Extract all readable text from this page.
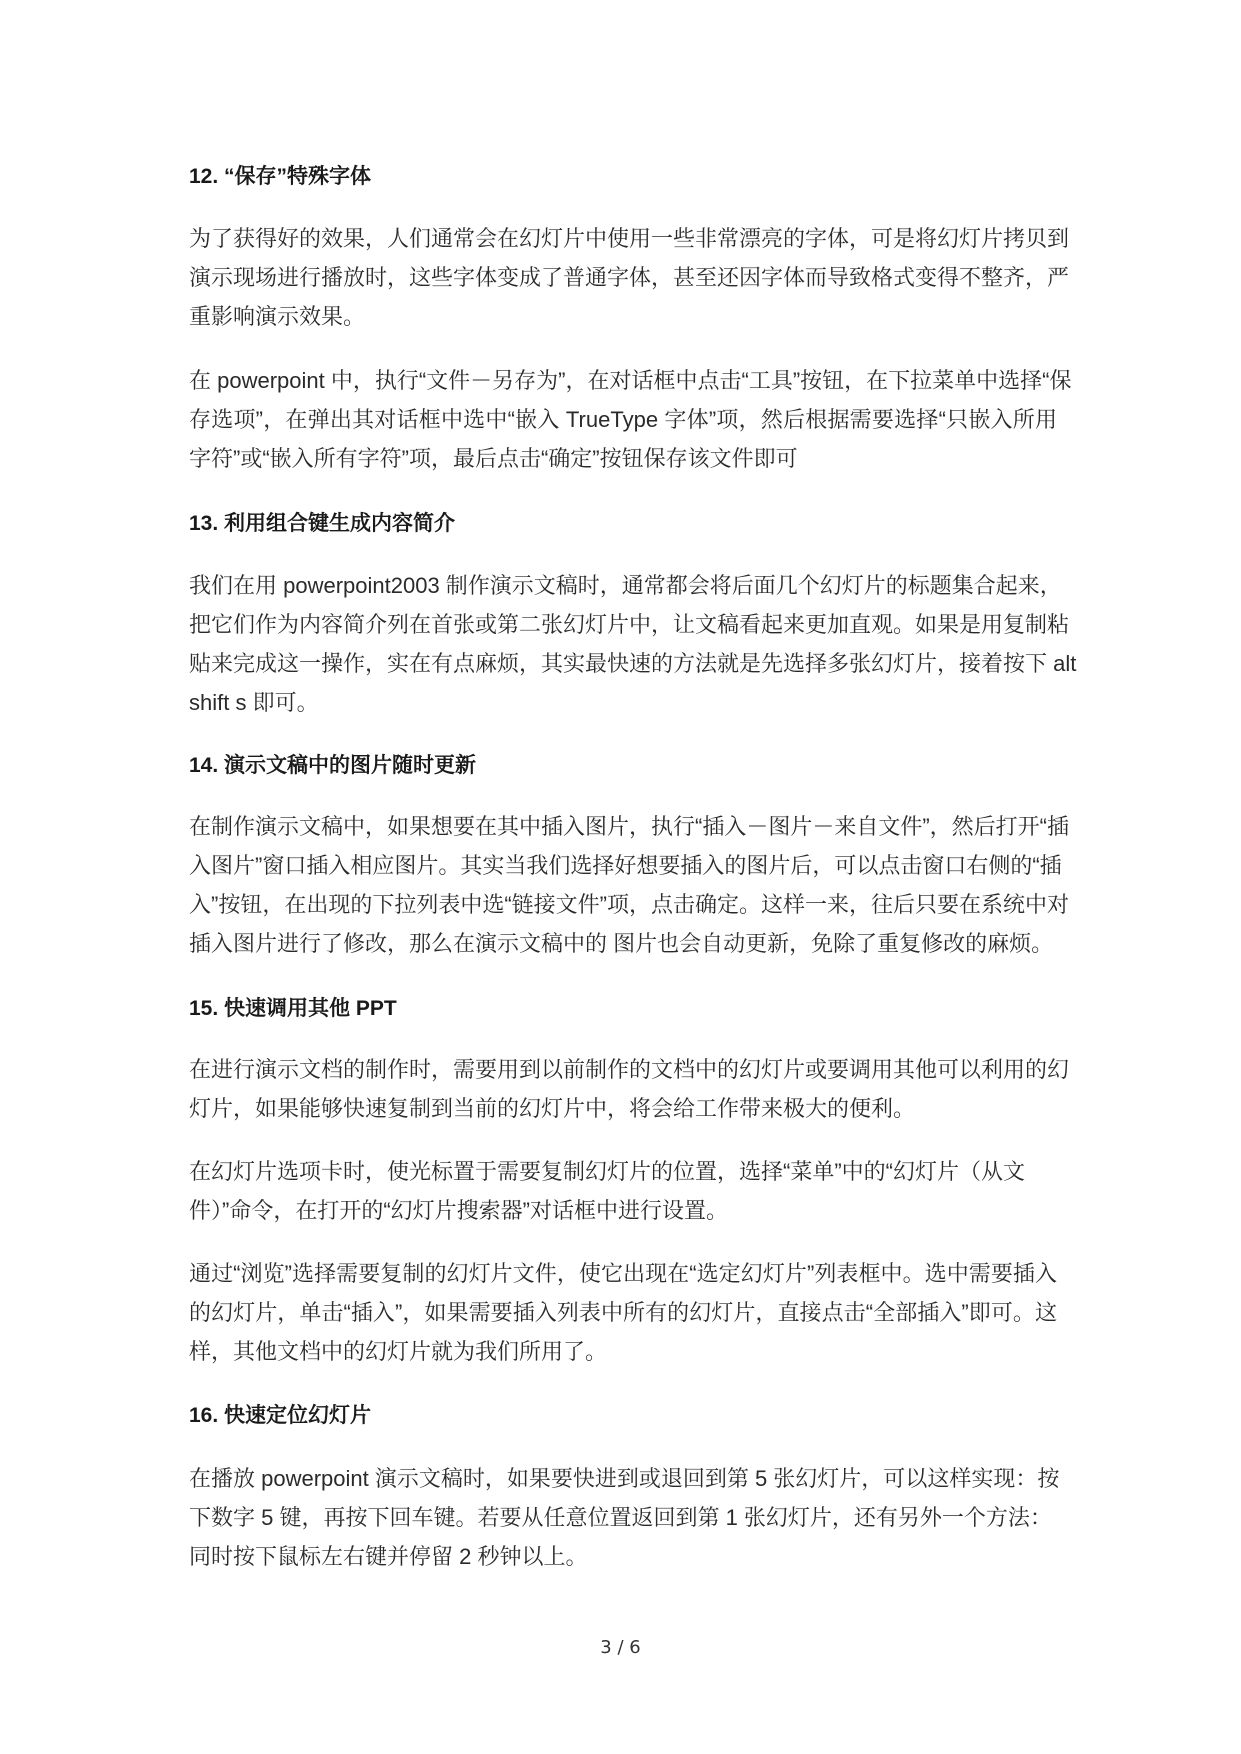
12. “保存”特殊字体
为了获得好的效果，人们通常会在幻灯片中使用一些非常漂亮的字体，可是将幻灯片拷贝到
演示现场进行播放时，这些字体变成了普通字体，甚至还因字体而导致格式变得不整齐，严
重影响演示效果。
在 powerpoint 中，执行“文件－另存为”，在对话框中点击“工具”按钮，在下拉菜单中选择“保
存选项”，在弹出其对话框中选中“嵌入 TrueType 字体”项，然后根据需要选择“只嵌入所用
字符”或“嵌入所有字符”项，最后点击“确定”按钮保存该文件即可
13. 利用组合键生成内容简介
我们在用 powerpoint2003 制作演示文稿时，通常都会将后面几个幻灯片的标题集合起来，
把它们作为内容简介列在首张或第二张幻灯片中，让文稿看起来更加直观。如果是用复制粘
贴来完成这一操作，实在有点麻烦，其实最快速的方法就是先选择多张幻灯片，接着按下 alt
shift s 即可。
14. 演示文稿中的图片随时更新
在制作演示文稿中，如果想要在其中插入图片，执行“插入－图片－来自文件”，然后打开“插
入图片”窗口插入相应图片。其实当我们选择好想要插入的图片后，可以点击窗口右侧的“插
入”按钮，在出现的下拉列表中选“链接文件”项，点击确定。这样一来，往后只要在系统中对
插入图片进行了修改，那么在演示文稿中的 图片也会自动更新，免除了重复修改的麻烦。
15. 快速调用其他 PPT
在进行演示文档的制作时，需要用到以前制作的文档中的幻灯片或要调用其他可以利用的幻
灯片，如果能够快速复制到当前的幻灯片中，将会给工作带来极大的便利。
在幻灯片选项卡时，使光标置于需要复制幻灯片的位置，选择“菜单”中的“幻灯片（从文
件）”命令，在打开的“幻灯片搜索器”对话框中进行设置。
通过“浏览”选择需要复制的幻灯片文件，使它出现在“选定幻灯片”列表框中。选中需要插入
的幻灯片，单击“插入”，如果需要插入列表中所有的幻灯片，直接点击“全部插入”即可。这
样，其他文档中的幻灯片就为我们所用了。
16. 快速定位幻灯片
在播放 powerpoint 演示文稿时，如果要快进到或退回到第 5 张幻灯片，可以这样实现：按
下数字 5 键，再按下回车键。若要从任意位置返回到第 1 张幻灯片，还有另外一个方法：
同时按下鼠标左右键并停留 2 秒钟以上。
3 / 6
